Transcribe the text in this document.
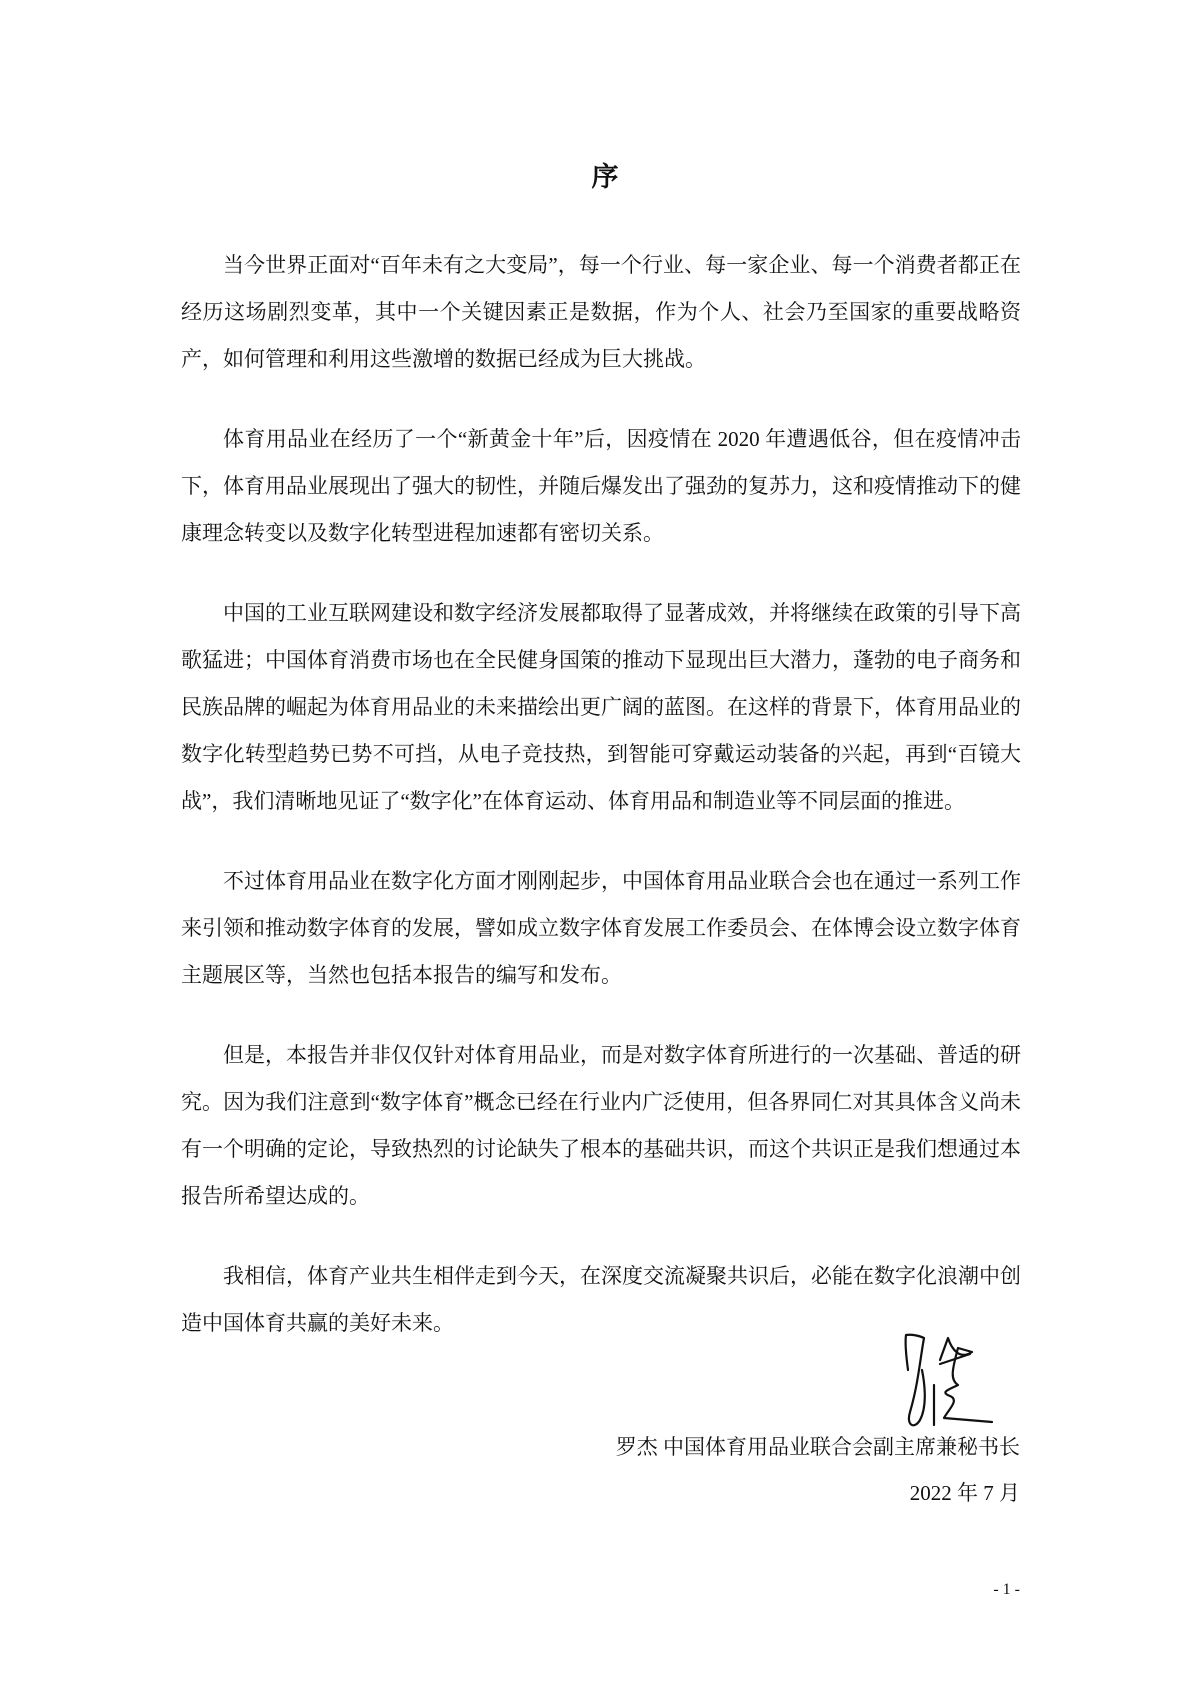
序

当今世界正面对“百年未有之大变局”，每一个行业、每一家企业、每一个消费者都正在经历这场剧烈变革，其中一个关键因素正是数据，作为个人、社会乃至国家的重要战略资产，如何管理和利用这些激增的数据已经成为巨大挑战。

体育用品业在经历了一个“新黄金十年”后，因疫情在 2020 年遭遇低谷，但在疫情冲击下，体育用品业展现出了强大的韧性，并随后爆发出了强劲的复苏力，这和疫情推动下的健康理念转变以及数字化转型进程加速都有密切关系。

中国的工业互联网建设和数字经济发展都取得了显著成效，并将继续在政策的引导下高歌猛进；中国体育消费市场也在全民健身国策的推动下显现出巨大潜力，蓬勃的电子商务和民族品牌的崛起为体育用品业的未来描绘出更广阔的蓝图。在这样的背景下，体育用品业的数字化转型趋势已势不可挡，从电子竞技热，到智能可穿戴运动装备的兴起，再到“百镜大战”，我们清晰地见证了“数字化”在体育运动、体育用品和制造业等不同层面的推进。

不过体育用品业在数字化方面才刚刚起步，中国体育用品业联合会也在通过一系列工作来引领和推动数字体育的发展，譬如成立数字体育发展工作委员会、在体博会设立数字体育主题展区等，当然也包括本报告的编写和发布。

但是，本报告并非仅仅针对体育用品业，而是对数字体育所进行的一次基础、普适的研究。因为我们注意到“数字体育”概念已经在行业内广泛使用，但各界同仁对其具体含义尚未有一个明确的定论，导致热烈的讨论缺失了根本的基础共识，而这个共识正是我们想通过本报告所希望达成的。

我相信，体育产业共生相伴走到今天，在深度交流凝聚共识后，必能在数字化浪潮中创造中国体育共赢的美好未来。

罗杰 中国体育用品业联合会副主席兼秘书长
2022 年 7 月
- 1 -
